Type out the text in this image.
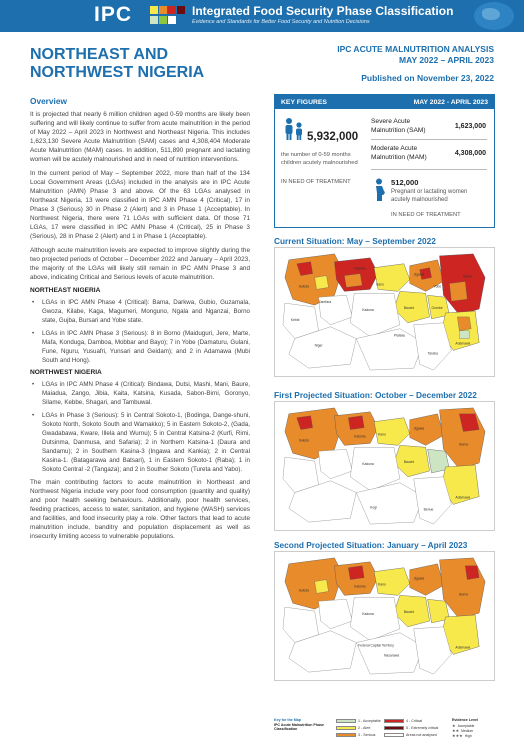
IPC	Integrated Food Security Phase Classification
Evidence and Standards for Better Food Security and Nutrition Decisions
NORTHEAST AND
NORTHWEST NIGERIA
IPC ACUTE MALNUTRITION ANALYSIS
MAY 2022 – APRIL 2023
Published on November 23, 2022
Overview
It is projected that nearly 6 million children aged 0-59 months are likely been suffering and will likely continue to suffer from acute malnutrition in the period of May 2022 – April 2023 in Northwest and Northeast Nigeria. This includes 1,623,130 Severe Acute Malnutrition (SAM) cases and 4,308,404 Moderate Acute Malnutrition (MAM) cases. In addition, 511,890 pregnant and lactating women will be acutely malnourished and in need of nutrition interventions.
In the current period of May – September 2022, more than half of the 134 Local Government Areas (LGAs) included in the analysis are in IPC Acute Malnutrition (AMN) Phase 3 and above. Of the 63 LGAs analysed in Northeast Nigeria, 13 were classified in IPC AMN Phase 4 (Critical), 17 in Phase 3 (Serious) 30 in Phase 2 (Alert) and 3 in Phase 1 (Acceptable). In Northwest Nigeria, there were 71 LGAs with sufficient data. Of those 71 LGAs, 17 were classified in IPC AMN Phase 4 (Critical), 25 in Phase 3 (Serious), 28 in Phase 2 (Alert) and 1 in Phase 1 (Acceptable).
Although acute malnutrition levels are expected to improve slightly during the two projected periods of October – December 2022 and January – April 2023, the majority of the LGAs will likely still remain in IPC AMN Phase 3 and above, indicating Critical and Serious levels of acute malnutrition.
NORTHEAST NIGERIA
• LGAs in IPC AMN Phase 4 (Critical): Bama, Darkwa, Gubio, Guzamala, Gwoza, Kilabe, Kaga, Magumeri, Monguno, Ngala and Nganzai, Borno state, Gujba, Bursari and Yobe state.
• LGAs in IPC AMN Phase 3 (Serious): 8 in Borno (Maiduguri, Jere, Marte, Mafa, Konduga, Damboa, Mobbar and Bayo); 7 in Yobe (Damaturu, Gulani, Fune, Nguru, Yusuafri, Yunsari and Geidam); and 2 in Adamawa (Mubi South and Hong).
NORTHWEST NIGERIA
• LGAs in IPC AMN Phase 4 (Critical): Bindawa, Dutsi, Mashi, Mani, Baure, Maiadua, Zango, Jibia, Kaita, Katsina, Kusada, Sabon-Birni, Goronyo, Silame, Kebbe, Shagari, and Tambuwal.
• LGAs in Phase 3 (Serious): 5 in Central Sokoto-1, (Bodinga, Dange-shuni, Sokoto North, Sokoto South and Wamakko); 5 in Eastern Sokoto-2, (Gada, Gwadabawa, Kware, Illela and Wurnu); 5 in Central Katsina-2 (Kurfi, Rimi, Dutsinma, Danmusa, and Safaria); 2 in Northern Katsina-1 (Daura and Sandamu); 2 in Southern Kasina-3 (Ingawa and Kankia); 2 in Central Kasina-1. (Batagarawa and Batsari), 1 in Eastern Sokoto-1 (Raba); 1 in Sokoto Central -2 (Tangaza); and 2 in Souther Sokoto (Tureta and Yabo).
The main contributing factors to acute malnutrition in Northeast and Northwest Nigeria include very poor food consumption (quantity and quality) and poor health seeking behaviours. Additionally, poor health services, feeding practices, access to water, sanitation, and hygiene (WASH) services and facilities, and food insecurity play a role. Other factors that lead to acute malnutrition include, banditry and population displacement as well as insecurity limiting access to vulnerable populations.
KEY FIGURES	MAY 2022 - APRIL 2023
5,932,000
the number of 0-59 months children acutely malnourished
IN NEED OF TREATMENT
Severe Acute Malnutrition (SAM)
1,623,000
Moderate Acute Malnutrition (MAM)
4,308,000
512,000
Pregnant or lactating women acutely malnourished
IN NEED OF TREATMENT
Current Situation: May – September 2022
Sokoto
Zamfara
Katsina
Kano
Jigawa
Yobe
Borno
Kebbi
Kaduna	Bauchi	Gombe
Adamawa
Niger
Plateau
Taraba
First Projected Situation: October – December 2022
Sokoto
Katsina	Kano
Jigawa
Borno
Kaduna	Bauchi
Adamawa
Kogi	Benue
Second Projected Situation: January – April 2023
Sokoto
Katsina	Kano
Jigawa
Borno
Kaduna	Bauchi
Adamawa
Federal Capital Territory
Nasarawa
Key for the Map
IPC Acute Malnutrition Phase Classification
1 - Acceptable
2 - Alert
3 - Serious
4 - Critical
5 - Extremely critical
Areas not analysed
Evidence Level
★ Acceptable
★★ Medium
★★★ High
